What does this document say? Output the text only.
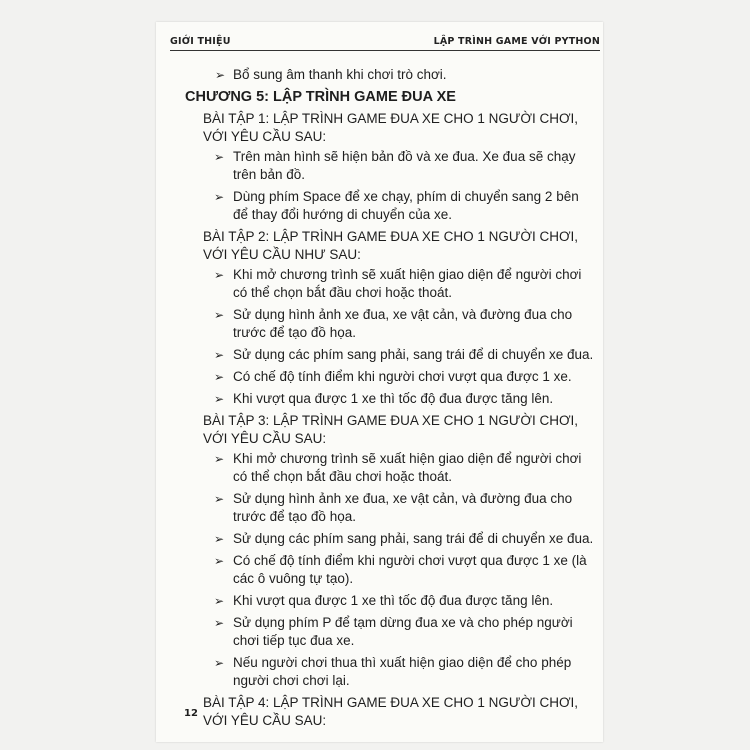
GIỚI THIỆU	LẬP TRÌNH GAME VỚI PYTHON
➢ Bổ sung âm thanh khi chơi trò chơi.
CHƯƠNG 5: LẬP TRÌNH GAME ĐUA XE
BÀI TẬP 1: LẬP TRÌNH GAME ĐUA XE CHO 1 NGƯỜI CHƠI, VỚI YÊU CẦU SAU:
➢ Trên màn hình sẽ hiện bản đồ và xe đua. Xe đua sẽ chạy trên bản đồ.
➢ Dùng phím Space để xe chạy, phím di chuyển sang 2 bên để thay đổi hướng di chuyển của xe.
BÀI TẬP 2: LẬP TRÌNH GAME ĐUA XE CHO 1 NGƯỜI CHƠI, VỚI YÊU CẦU NHƯ SAU:
➢ Khi mở chương trình sẽ xuất hiện giao diện để người chơi có thể chọn bắt đầu chơi hoặc thoát.
➢ Sử dụng hình ảnh xe đua, xe vật cản, và đường đua cho trước để tạo đồ họa.
➢ Sử dụng các phím sang phải, sang trái để di chuyển xe đua.
➢ Có chế độ tính điểm khi người chơi vượt qua được 1 xe.
➢ Khi vượt qua được 1 xe thì tốc độ đua được tăng lên.
BÀI TẬP 3: LẬP TRÌNH GAME ĐUA XE CHO 1 NGƯỜI CHƠI, VỚI YÊU CẦU SAU:
➢ Khi mở chương trình sẽ xuất hiện giao diện để người chơi có thể chọn bắt đầu chơi hoặc thoát.
➢ Sử dụng hình ảnh xe đua, xe vật cản, và đường đua cho trước để tạo đồ họa.
➢ Sử dụng các phím sang phải, sang trái để di chuyển xe đua.
➢ Có chế độ tính điểm khi người chơi vượt qua được 1 xe (là các ô vuông tự tạo).
➢ Khi vượt qua được 1 xe thì tốc độ đua được tăng lên.
➢ Sử dụng phím P để tạm dừng đua xe và cho phép người chơi tiếp tục đua xe.
➢ Nếu người chơi thua thì xuất hiện giao diện để cho phép người chơi chơi lại.
BÀI TẬP 4: LẬP TRÌNH GAME ĐUA XE CHO 1 NGƯỜI CHƠI, VỚI YÊU CẦU SAU:
12
